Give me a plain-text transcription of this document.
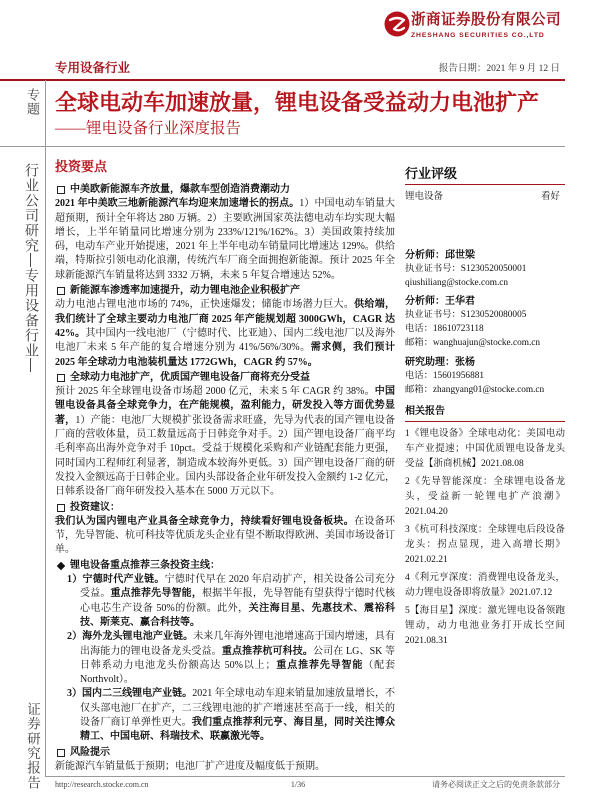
浙商证券股份有限公司
ZHESHANG SECURITIES CO.,LTD
专用设备行业	报告日期：2021 年 9 月 12 日
专题
行业公司研究—专用设备行业—
证券研究报告
全球电动车加速放量，锂电设备受益动力电池扩产
——锂电设备行业深度报告
投资要点
中美欧新能源车齐放量，爆款车型创造消费潮动力

2021 年中美欧三地新能源汽车均迎来加速增长的拐点。1）中国电动车销量大超预期，预计全年将达 280 万辆。2）主要欧洲国家英法德电动车均实现大幅增长，上半年销量同比增速分别为 233%/121%/162%。3）美国政策持续加码，电动车产业开始提速，2021 年上半年电动车销量同比增速达 129%。供给端，特斯拉引领电动化浪潮，传统汽车厂商全面拥抱新能源。预计 2025 年全球新能源汽车销量将达到 3332 万辆，未来 5 年复合增速达 52%。

新能源车渗透率加速提升，动力锂电池企业积极扩产

动力电池占锂电池市场的 74%，正快速爆发；储能市场潜力巨大。供给端，我们统计了全球主要动力电池厂商 2025 年产能规划超 3000GWh，CAGR 达 42%。其中国内一线电池厂（宁德时代、比亚迪）、国内二线电池厂以及海外电池厂未来 5 年产能的复合增速分别为 41%/56%/30%。需求侧，我们预计 2025 年全球动力电池装机量达 1772GWh，CAGR 约 57%。

全球动力电池扩产，优质国产锂电设备厂商将充分受益

预计 2025 年全球锂电设备市场超 2000 亿元，未来 5 年 CAGR 约 38%。中国锂电设备具备全球竞争力，在产能规模，盈利能力，研发投入等方面优势显著，1）产能：电池厂大规模扩张设备需求旺盛，先导为代表的国产锂电设备厂商的营收体量，员工数量远高于日韩竞争对手。2）国产锂电设备厂商平均毛利率高出海外竞争对手 10pct。受益于规模化采购和产业链配套能力更强，同时国内工程师红利显著，制造成本较海外更低。3）国产锂电设备厂商的研发投入金额远高于日韩企业。国内头部设备企业年研发投入金额约 1-2 亿元，日韩系设备厂商年研发投入基本在 5000 万元以下。

投资建议：

我们认为国内锂电产业具备全球竞争力，持续看好锂电设备板块。在设备环节，先导智能、杭可科技等优质龙头企业有望不断取得欧洲、美国市场设备订单。

锂电设备重点推荐三条投资主线：
1）宁德时代产业链。宁德时代早在 2020 年启动扩产，相关设备公司充分受益。重点推荐先导智能，根据半年报，先导智能有望获得宁德时代核心电芯生产设备 50%的份额。此外，关注海目星、先惠技术、震裕科技、斯莱克、赢合科技等。
2）海外龙头锂电池产业链。未来几年海外锂电池增速高于国内增速，具有出海能力的锂电设备龙头受益。重点推荐杭可科技。公司在 LG、SK 等日韩系动力电池龙头份额高达 50%以上；重点推荐先导智能（配套 Northvolt）。
3）国内二三线锂电产业链。2021 年全球电动车迎来销量加速放量增长，不仅头部电池厂在扩产，二三线锂电池的扩产增速甚至高于一线，相关的设备厂商订单弹性更大。我们重点推荐利元亨、海目星，同时关注博众精工、中国电研、科瑞技术、联赢激光等。
风险提示

新能源汽车销量低于预期；电池厂扩产进度及幅度低于预期。

行业评级
锂电设备	看好
分析师：邱世梁
执业证书号：S1230520050001
qiushiliang@stocke.com.cn
分析师：王华君
执业证书号：S1230520080005
电话：18610723118
邮箱：wanghuajun@stocke.com.cn
研究助理：张杨
电话：15601956881
邮箱：zhangyang01@stocke.com.cn
相关报告
1《锂电设备》全球电动化：美国电动车产业提速；中国优质锂电设备龙头受益【浙商机械】2021.08.08
2《先导智能深度：全球锂电设备龙头，受益新一轮锂电扩产浪潮》2021.04.20
3《杭可科技深度：全球锂电后段设备龙头：拐点显现，进入高增长期》2021.02.21
4《利元亨深度：消费锂电设备龙头，动力锂电设备即将放量》2021.07.12
5【海目星】深度：激光锂电设备领跑锂动，动力电池业务打开成长空间 2021.08.31
http://research.stocke.com.cn	1/36	请务必阅读正文之后的免责条款部分
